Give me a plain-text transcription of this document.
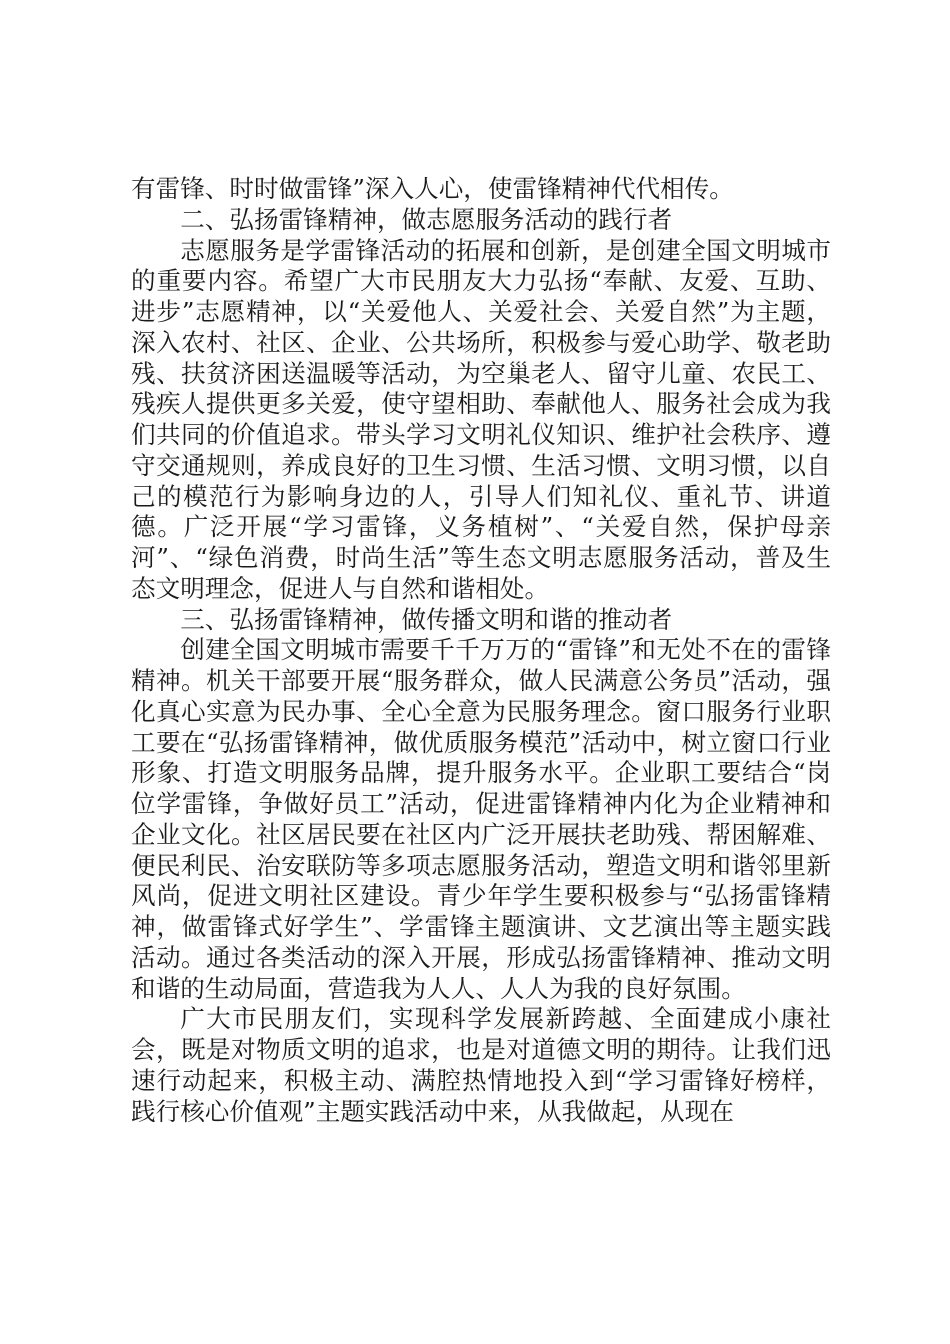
有雷锋、时时做雷锋”深入人心，使雷锋精神代代相传。

二、弘扬雷锋精神，做志愿服务活动的践行者

志愿服务是学雷锋活动的拓展和创新，是创建全国文明城市的重要内容。希望广大市民朋友大力弘扬“奉献、友爱、互助、进步”志愿精神，以“关爱他人、关爱社会、关爱自然”为主题，深入农村、社区、企业、公共场所，积极参与爱心助学、敬老助残、扶贫济困送温暖等活动，为空巢老人、留守儿童、农民工、残疾人提供更多关爱，使守望相助、奉献他人、服务社会成为我们共同的价值追求。带头学习文明礼仪知识、维护社会秩序、遵守交通规则，养成良好的卫生习惯、生活习惯、文明习惯，以自己的模范行为影响身边的人，引导人们知礼仪、重礼节、讲道德。广泛开展“学习雷锋，义务植树”、“关爱自然，保护母亲河”、“绿色消费，时尚生活”等生态文明志愿服务活动，普及生态文明理念，促进人与自然和谐相处。

三、弘扬雷锋精神，做传播文明和谐的推动者

创建全国文明城市需要千千万万的“雷锋”和无处不在的雷锋精神。机关干部要开展“服务群众，做人民满意公务员”活动，强化真心实意为民办事、全心全意为民服务理念。窗口服务行业职工要在“弘扬雷锋精神，做优质服务模范”活动中，树立窗口行业形象、打造文明服务品牌，提升服务水平。企业职工要结合“岗位学雷锋，争做好员工”活动，促进雷锋精神内化为企业精神和企业文化。社区居民要在社区内广泛开展扶老助残、帮困解难、便民利民、治安联防等多项志愿服务活动，塑造文明和谐邻里新风尚，促进文明社区建设。青少年学生要积极参与“弘扬雷锋精神，做雷锋式好学生”、学雷锋主题演讲、文艺演出等主题实践活动。通过各类活动的深入开展，形成弘扬雷锋精神、推动文明和谐的生动局面，营造我为人人、人人为我的良好氛围。

广大市民朋友们，实现科学发展新跨越、全面建成小康社会，既是对物质文明的追求，也是对道德文明的期待。让我们迅速行动起来，积极主动、满腔热情地投入到“学习雷锋好榜样，践行核心价值观”主题实践活动中来，从我做起，从现在
